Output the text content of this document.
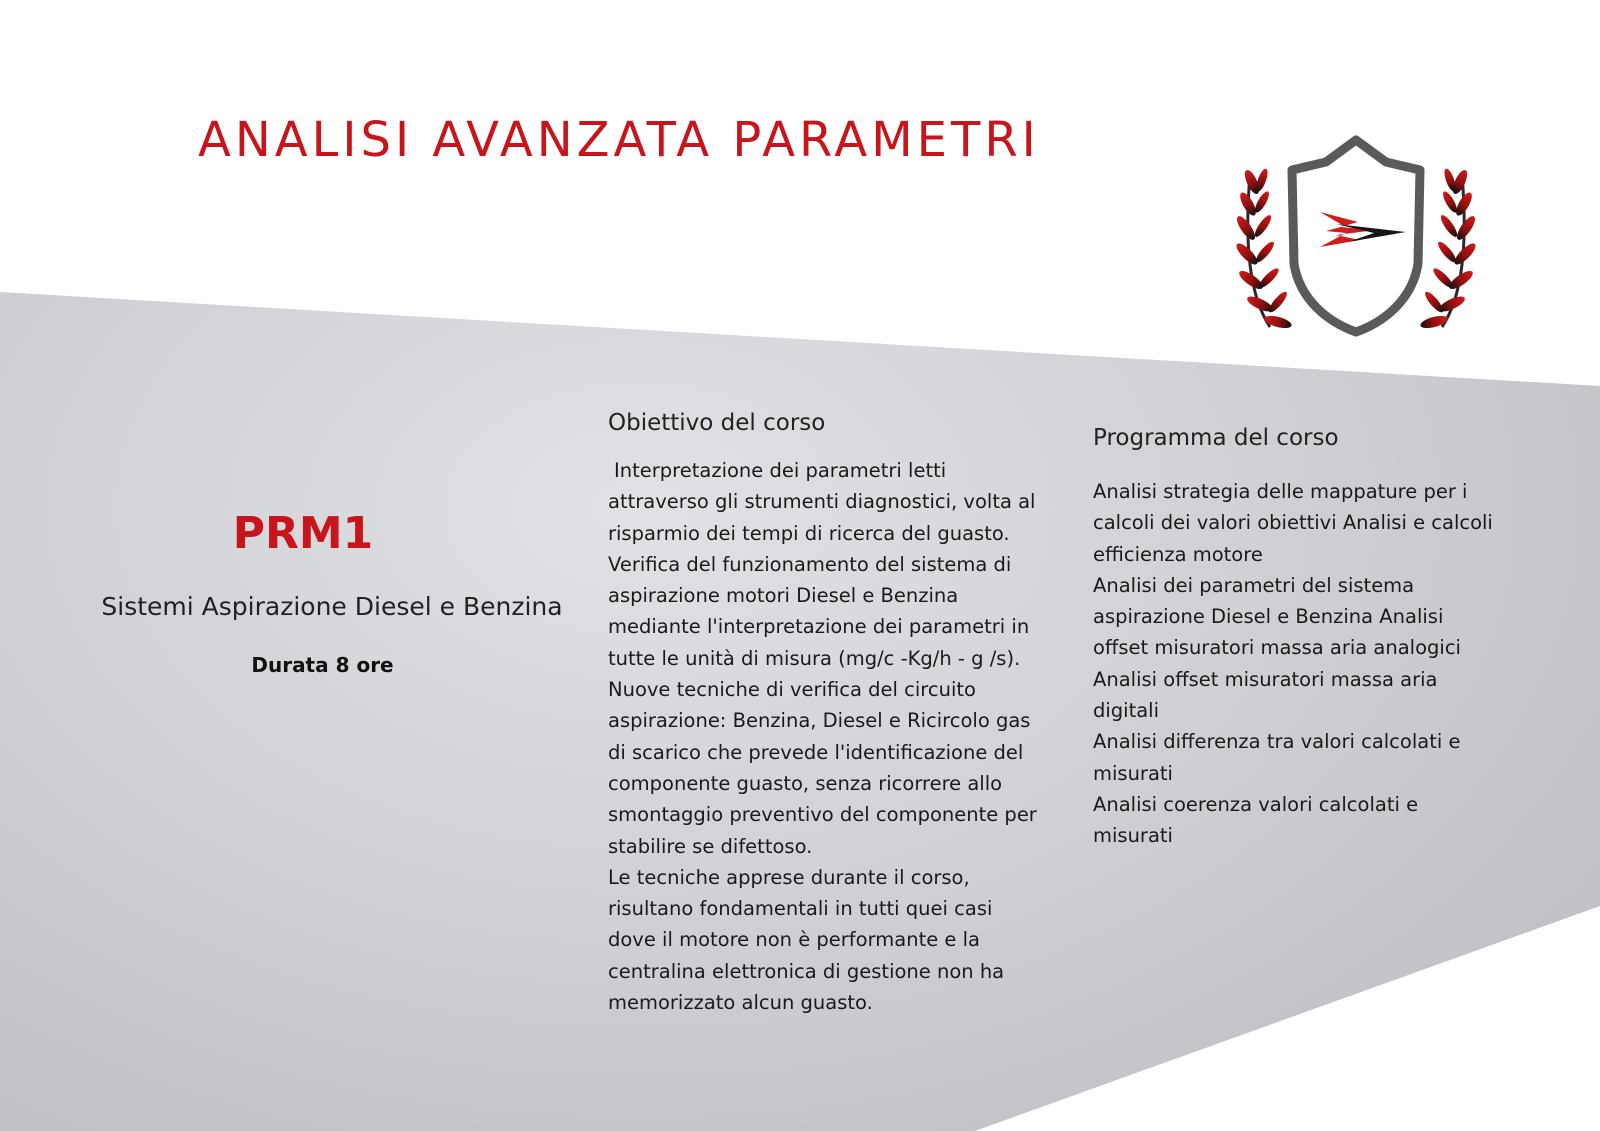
ANALISI AVANZATA PARAMETRI
PRM1
Sistemi Aspirazione Diesel e Benzina
Durata 8 ore
Obiettivo del corso

Interpretazione dei parametri letti attraverso gli strumenti diagnostici, volta al risparmio dei tempi di ricerca del guasto.

Verifica del funzionamento del sistema di aspirazione motori Diesel e Benzina mediante l'interpretazione dei parametri in tutte le unità di misura (mg/c -Kg/h - g /s).

Nuove tecniche di verifica del circuito aspirazione: Benzina, Diesel e Ricircolo gas di scarico che prevede l'identificazione del componente guasto, senza ricorrere allo smontaggio preventivo del componente per stabilire se difettoso.

Le tecniche apprese durante il corso, risultano fondamentali in tutti quei casi dove il motore non è performante e la centralina elettronica di gestione non ha memorizzato alcun guasto.

Programma del corso

Analisi strategia delle mappature per i calcoli dei valori obiettivi Analisi e calcoli efficienza motore

Analisi dei parametri del sistema aspirazione Diesel e Benzina Analisi offset misuratori massa aria analogici

Analisi offset misuratori massa aria digitali

Analisi differenza tra valori calcolati e misurati

Analisi coerenza valori calcolati e misurati
